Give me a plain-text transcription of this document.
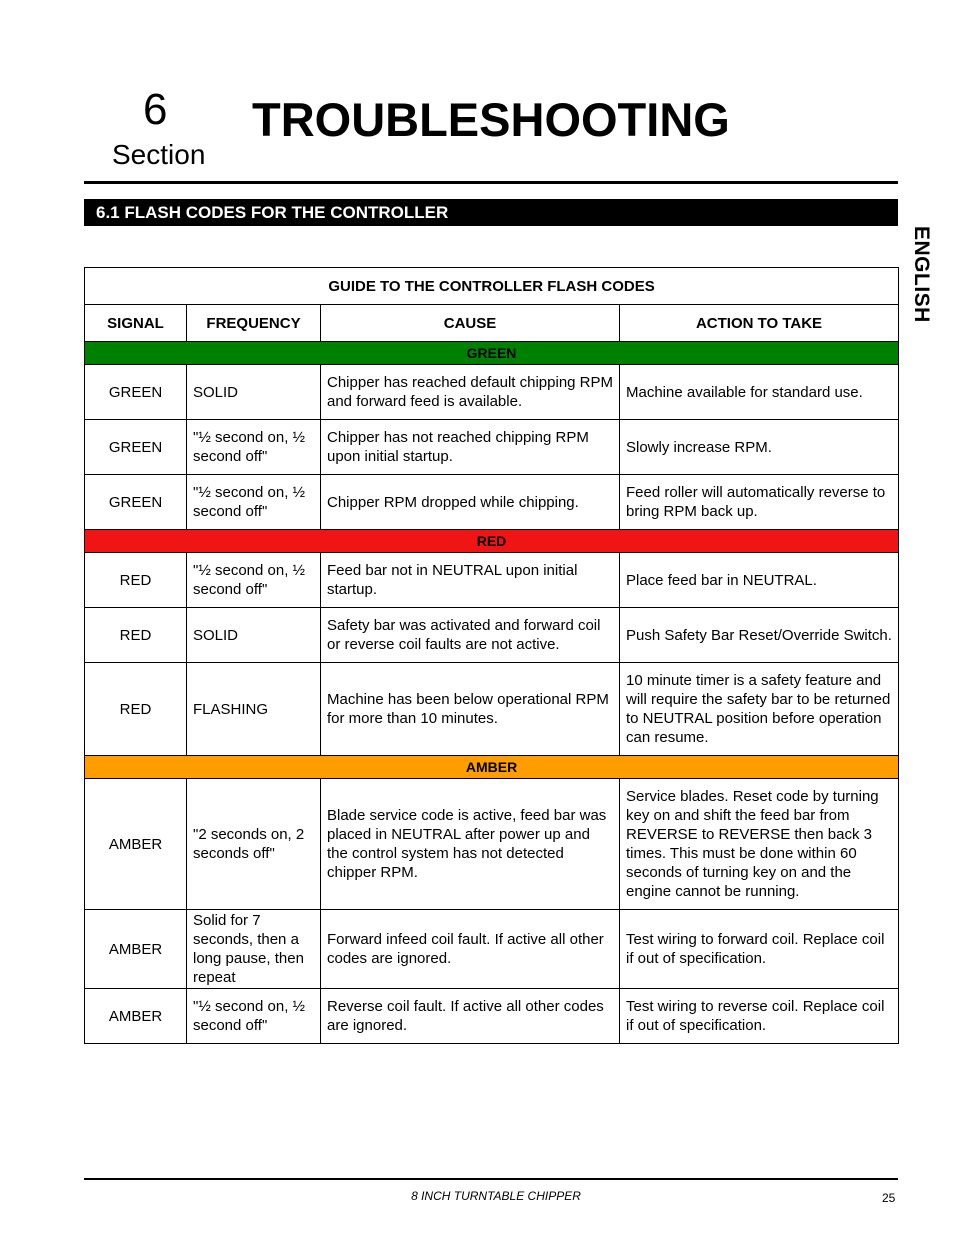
6
Section
TROUBLESHOOTING
6.1 FLASH CODES FOR THE CONTROLLER
ENGLISH
GUIDE TO THE CONTROLLER FLASH CODES			
SIGNAL	FREQUENCY	CAUSE	ACTION TO TAKE
GREEN			
GREEN	SOLID	Chipper has reached default chipping RPM and forward feed is available.	Machine available for standard use.
GREEN	"½ second on, ½ second off"	Chipper has not reached chipping RPM upon initial startup.	Slowly increase RPM.
GREEN	"½ second on, ½ second off"	Chipper RPM dropped while chipping.	Feed roller will automatically reverse to bring RPM back up.
RED			
RED	"½ second on, ½ second off"	Feed bar not in NEUTRAL upon initial startup.	Place feed bar in NEUTRAL.
RED	SOLID	Safety bar was activated and forward coil or reverse coil faults are not active.	Push Safety Bar Reset/Override Switch.
RED	FLASHING	Machine has been below operational RPM for more than 10 minutes.	10 minute timer is a safety feature and will require the safety bar to be returned to NEUTRAL position before operation can resume.
AMBER			
AMBER	"2 seconds on, 2 seconds off"	Blade service code is active, feed bar was placed in NEUTRAL after power up and the control system has not detected chipper RPM.	Service blades. Reset code by turning key on and shift the feed bar from REVERSE to REVERSE then back 3 times. This must be done within 60 seconds of turning key on and the engine cannot be running.
AMBER	Solid for 7 seconds, then a long pause, then repeat	Forward infeed coil fault. If active all other codes are ignored.	Test wiring to forward coil. Replace coil if out of specification.
AMBER	"½ second on, ½ second off"	Reverse coil fault. If active all other codes are ignored.	Test wiring to reverse coil. Replace coil if out of specification.
8 INCH TURNTABLE CHIPPER	25
